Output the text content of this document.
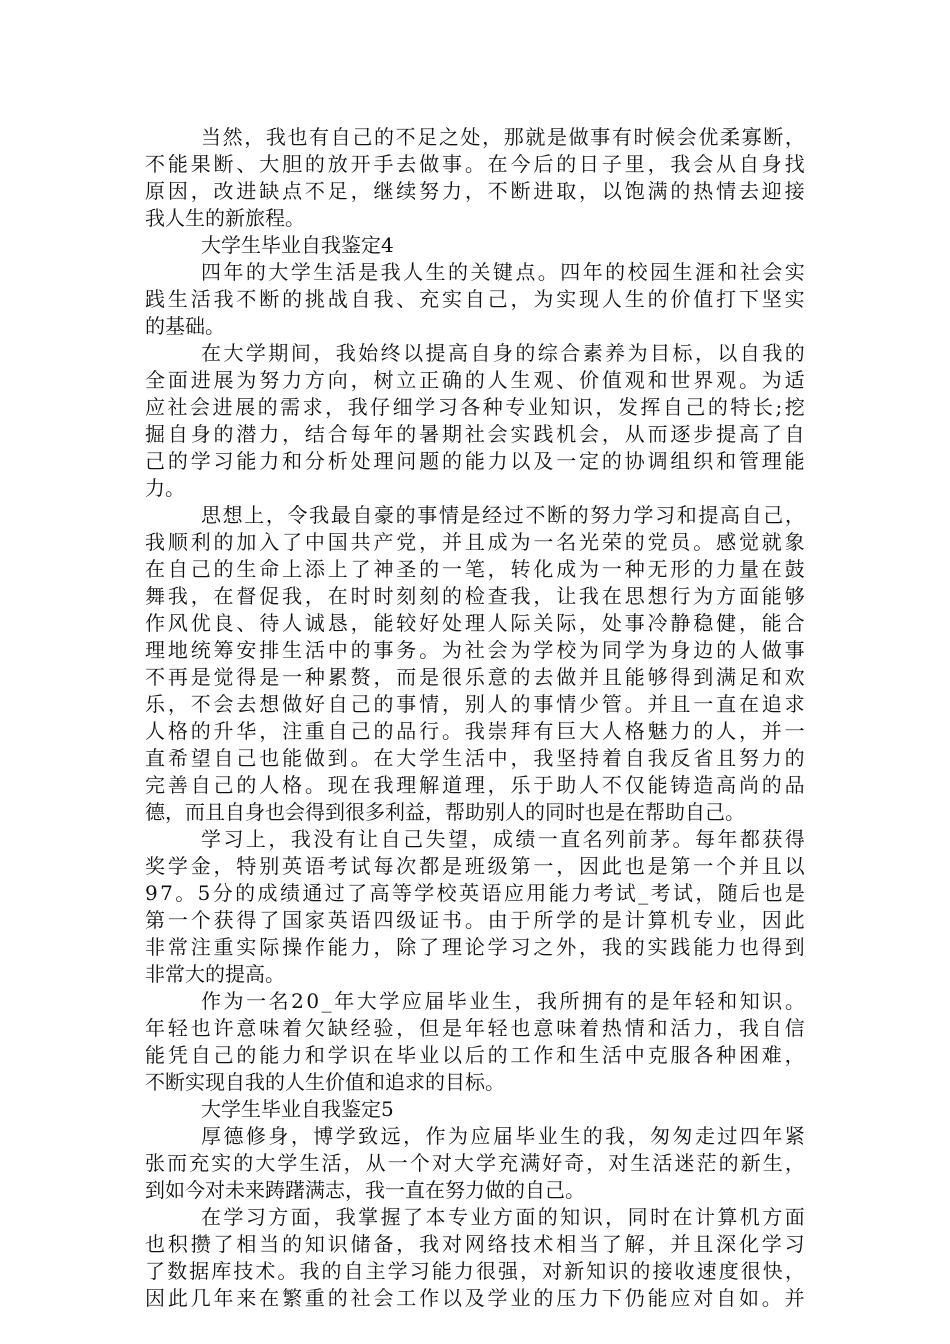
当 然 ， 我 也 有 自 己 的 不 足 之 处 ， 那 就 是 做 事 有 时 候 会 优 柔 寡 断 ，
不 能 果 断 、 大 胆 的 放 开 手 去 做 事 。 在 今 后 的 日 子 里 ， 我 会 从 自 身 找
原 因 ， 改 进 缺 点 不 足 ， 继 续 努 力 ， 不 断 进 取 ， 以 饱 满 的 热 情 去 迎 接
我人生的新旅程。
大学生毕业自我鉴定4
四 年 的 大 学 生 活 是 我 人 生 的 关 键 点 。 四 年 的 校 园 生 涯 和 社 会 实
践 生 活 我 不 断 的 挑 战 自 我 、 充 实 自 己 ， 为 实 现 人 生 的 价 值 打 下 坚 实
的基础。
在 大 学 期 间 ， 我 始 终 以 提 高 自 身 的 综 合 素 养 为 目 标 ， 以 自 我 的
全 面 进 展 为 努 力 方 向 ， 树 立 正 确 的 人 生 观 、 价 值 观 和 世 界 观 。 为 适
应 社 会 进 展 的 需 求 ， 我 仔 细 学 习 各 种 专 业 知 识 ， 发 挥 自 己 的 特 长 ; 挖
掘 自 身 的 潜 力 ， 结 合 每 年 的 暑 期 社 会 实 践 机 会 ， 从 而 逐 步 提 高 了 自
己 的 学 习 能 力 和 分 析 处 理 问 题 的 能 力 以 及 一 定 的 协 调 组 织 和 管 理 能
力。
思 想 上 ， 令 我 最 自 豪 的 事 情 是 经 过 不 断 的 努 力 学 习 和 提 高 自 己 ，
我 顺 利 的 加 入 了 中 国 共 产 党 ， 并 且 成 为 一 名 光 荣 的 党 员 。 感 觉 就 象
在 自 己 的 生 命 上 添 上 了 神 圣 的 一 笔 ， 转 化 成 为 一 种 无 形 的 力 量 在 鼓
舞 我 ， 在 督 促 我 ， 在 时 时 刻 刻 的 检 查 我 ， 让 我 在 思 想 行 为 方 面 能 够
作 风 优 良 、 待 人 诚 恳 ， 能 较 好 处 理 人 际 关 际 ， 处 事 冷 静 稳 健 ， 能 合
理 地 统 筹 安 排 生 活 中 的 事 务 。 为 社 会 为 学 校 为 同 学 为 身 边 的 人 做 事
不 再 是 觉 得 是 一 种 累 赘 ， 而 是 很 乐 意 的 去 做 并 且 能 够 得 到 满 足 和 欢
乐 ， 不 会 去 想 做 好 自 己 的 事 情 ， 别 人 的 事 情 少 管 。 并 且 一 直 在 追 求
人 格 的 升 华 ， 注 重 自 己 的 品 行 。 我 崇 拜 有 巨 大 人 格 魅 力 的 人 ， 并 一
直 希 望 自 己 也 能 做 到 。 在 大 学 生 活 中 ， 我 坚 持 着 自 我 反 省 且 努 力 的
完 善 自 己 的 人 格 。 现 在 我 理 解 道 理 ， 乐 于 助 人 不 仅 能 铸 造 高 尚 的 品
德，而且自身也会得到很多利益，帮助别人的同时也是在帮助自己。
学 习 上 ， 我 没 有 让 自 己 失 望 ， 成 绩 一 直 名 列 前 茅 。 每 年 都 获 得
奖 学 金 ， 特 别 英 语 考 试 每 次 都 是 班 级 第 一 ， 因 此 也 是 第 一 个 并 且 以
9 7 。 5 分 的 成 绩 通 过 了 高 等 学 校 英 语 应 用 能 力 考 试 _ 考 试 ， 随 后 也 是
第 一 个 获 得 了 国 家 英 语 四 级 证 书 。 由 于 所 学 的 是 计 算 机 专 业 ， 因 此
非 常 注 重 实 际 操 作 能 力 ， 除 了 理 论 学 习 之 外 ， 我 的 实 践 能 力 也 得 到
非常大的提高。
作 为 一 名 2 0 _ 年 大 学 应 届 毕 业 生 ， 我 所 拥 有 的 是 年 轻 和 知 识 。
年 轻 也 许 意 味 着 欠 缺 经 验 ， 但 是 年 轻 也 意 味 着 热 情 和 活 力 ， 我 自 信
能 凭 自 己 的 能 力 和 学 识 在 毕 业 以 后 的 工 作 和 生 活 中 克 服 各 种 困 难 ，
不断实现自我的人生价值和追求的目标。
大学生毕业自我鉴定5
厚 德 修 身 ， 博 学 致 远 ， 作 为 应 届 毕 业 生 的 我 ， 匆 匆 走 过 四 年 紧
张 而 充 实 的 大 学 生 活 ， 从 一 个 对 大 学 充 满 好 奇 ， 对 生 活 迷 茫 的 新 生 ，
到如今对未来踌躇满志，我一直在努力做的自己。
在 学 习 方 面 ， 我 掌 握 了 本 专 业 方 面 的 知 识 ， 同 时 在 计 算 机 方 面
也 积 攒 了 相 当 的 知 识 储 备 ， 我 对 网 络 技 术 相 当 了 解 ， 并 且 深 化 学 习
了 数 据 库 技 术 。 我 的 自 主 学 习 能 力 很 强 ， 对 新 知 识 的 接 收 速 度 很 快 ，
因 此 几 年 来 在 繁 重 的 社 会 工 作 以 及 学 业 的 压 力 下 仍 能 应 对 自 如 。 并
